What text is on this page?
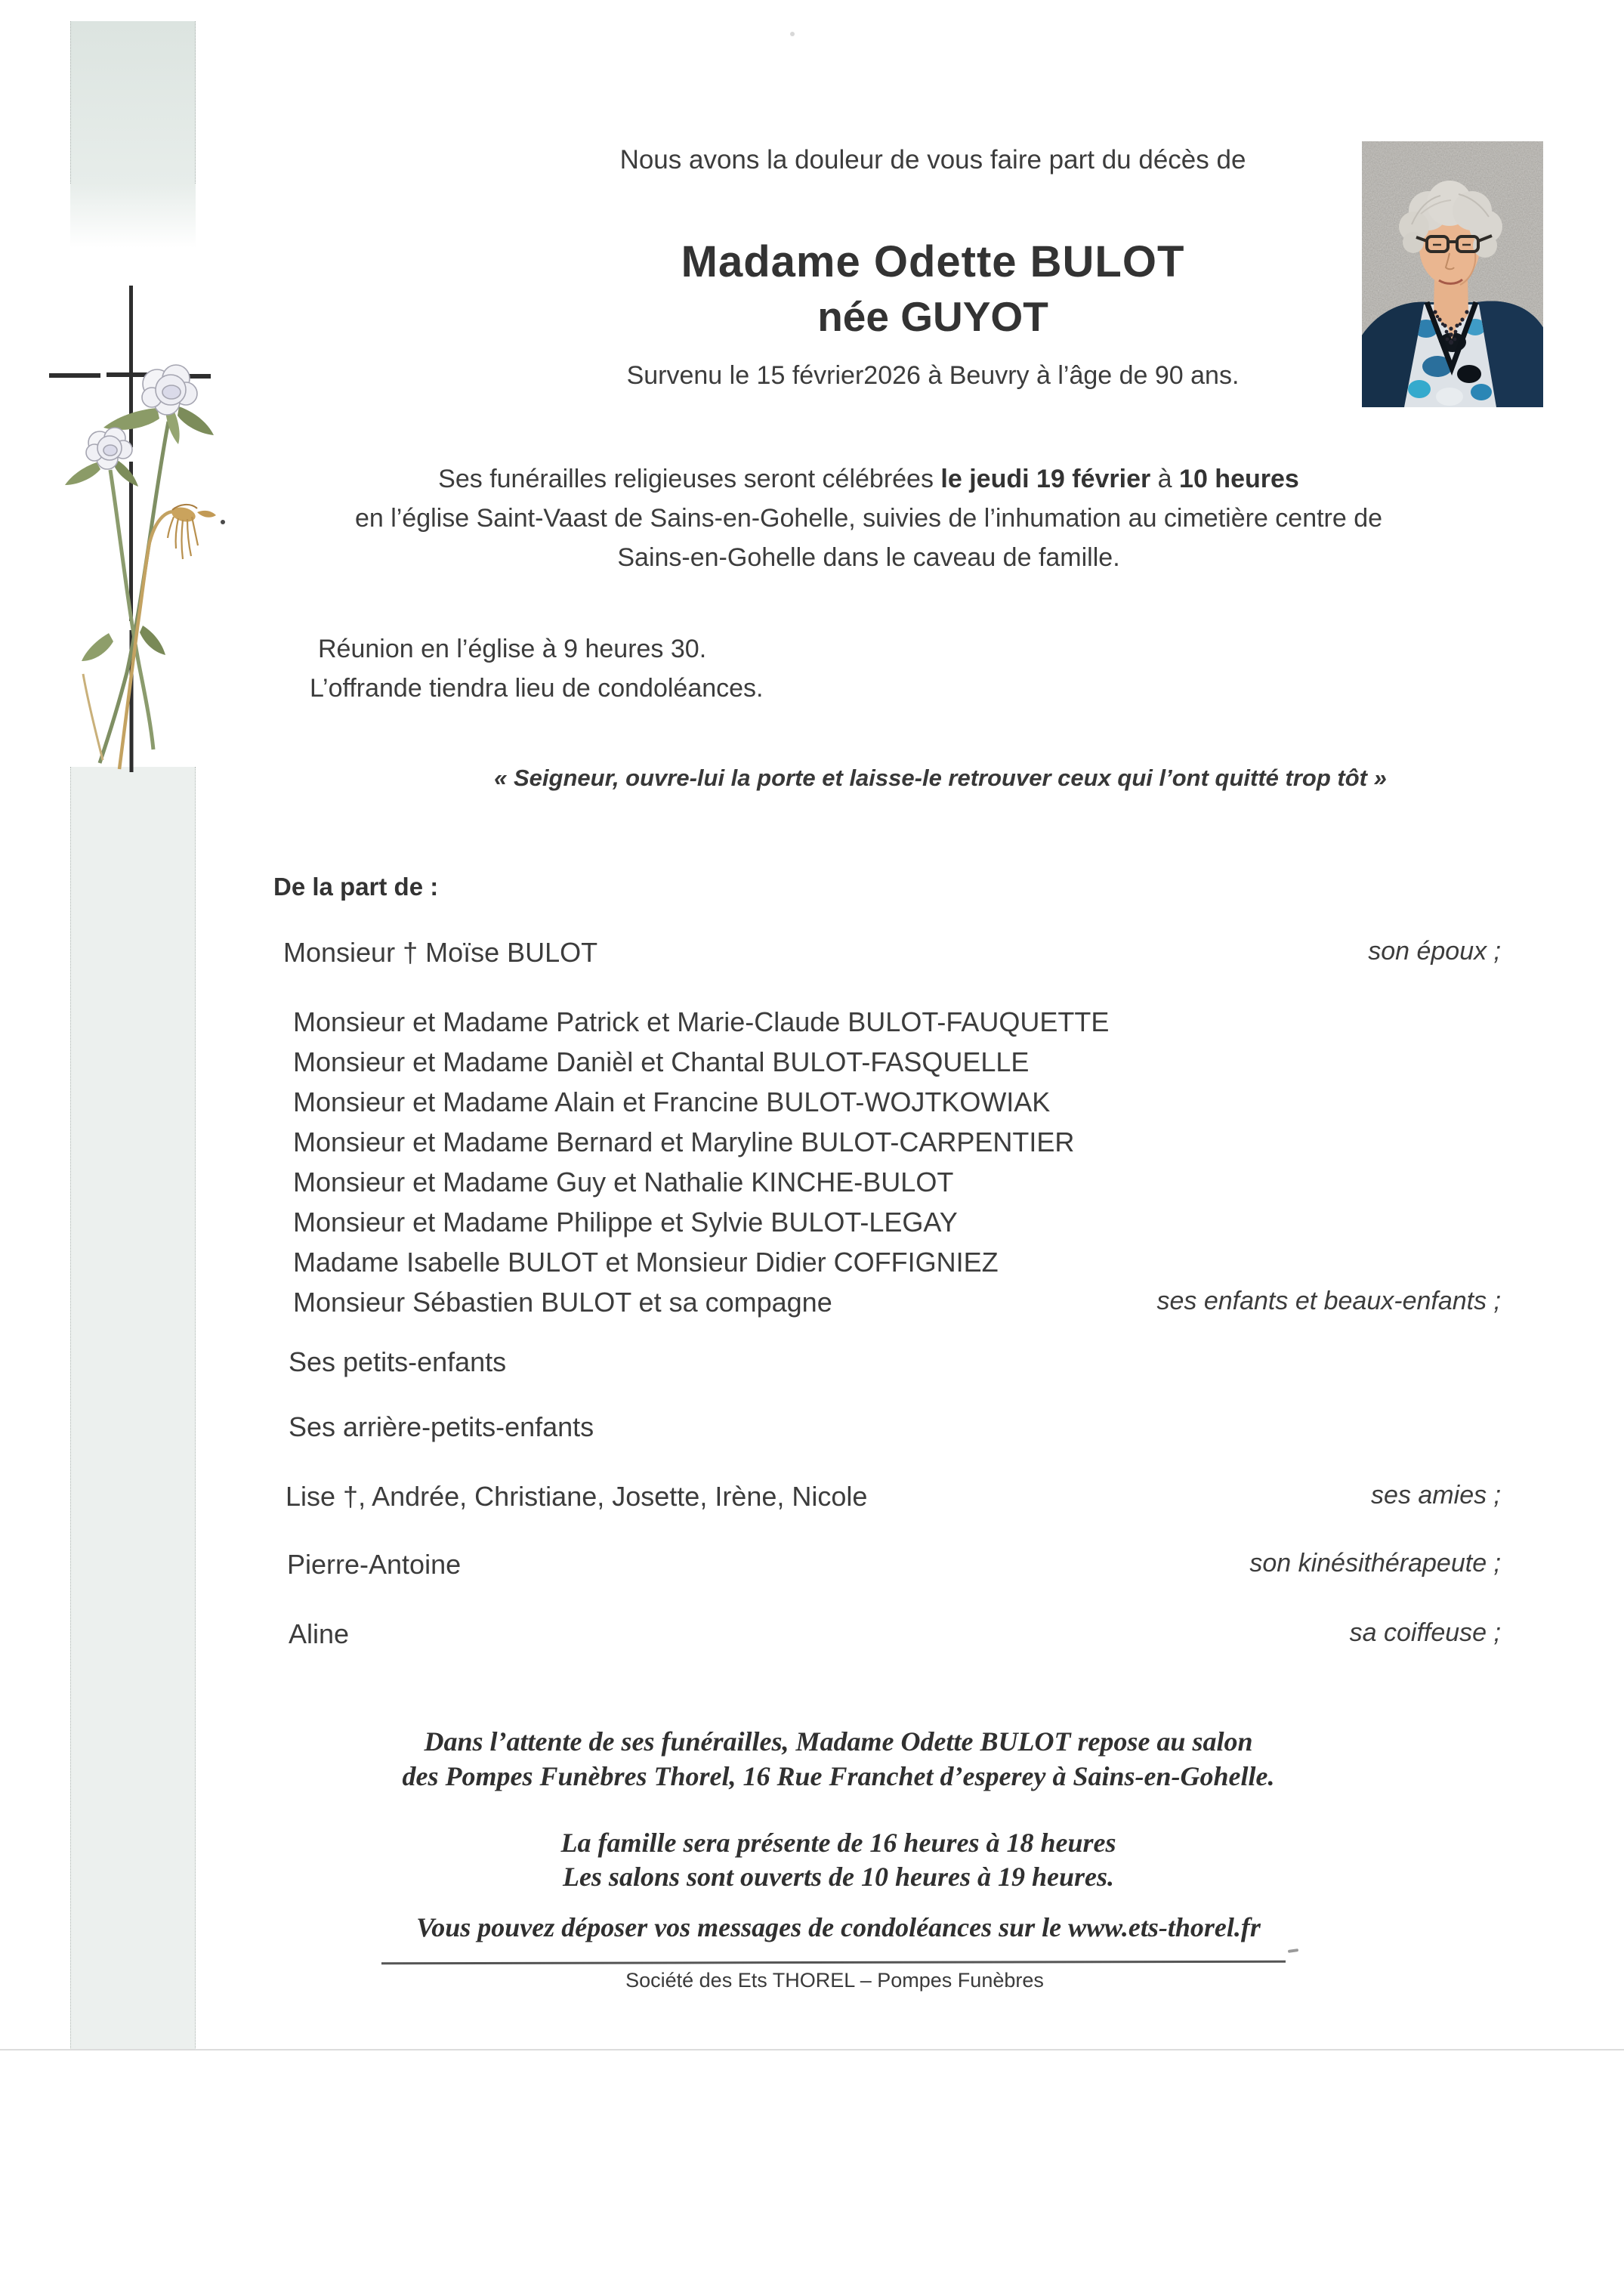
Nous avons la douleur de vous faire part du décès de
Madame Odette BULOT
née GUYOT
Survenu le 15 février2026 à Beuvry à l’âge de 90 ans.
Ses funérailles religieuses seront célébrées le jeudi 19 février à 10 heures
en l’église Saint-Vaast de Sains-en-Gohelle, suivies de l’inhumation au cimetière centre de
Sains-en-Gohelle dans le caveau de famille.
Réunion en l’église à 9 heures 30.
L’offrande tiendra lieu de condoléances.
« Seigneur, ouvre-lui la porte et laisse-le retrouver ceux qui l’ont quitté trop tôt »
De la part de :
Monsieur † Moïse BULOT	son époux ;
Monsieur et Madame Patrick et Marie-Claude BULOT-FAUQUETTE
Monsieur et Madame Danièl et Chantal BULOT-FASQUELLE
Monsieur et Madame Alain et Francine BULOT-WOJTKOWIAK
Monsieur et Madame Bernard et Maryline BULOT-CARPENTIER
Monsieur et Madame Guy et Nathalie KINCHE-BULOT
Monsieur et Madame Philippe et Sylvie BULOT-LEGAY
Madame Isabelle BULOT et Monsieur Didier COFFIGNIEZ
Monsieur Sébastien BULOT et sa compagne	ses enfants et beaux-enfants ;
Ses petits-enfants
Ses arrière-petits-enfants
Lise †, Andrée, Christiane, Josette, Irène, Nicole	ses amies ;
Pierre-Antoine	son kinésithérapeute ;
Aline	sa coiffeuse ;
Dans l’attente de ses funérailles, Madame Odette BULOT repose au salon
des Pompes Funèbres Thorel, 16 Rue Franchet d’esperey à Sains-en-Gohelle.
La famille sera présente de 16 heures à 18 heures
Les salons sont ouverts de 10 heures à 19 heures.
Vous pouvez déposer vos messages de condoléances sur le www.ets-thorel.fr
Société des Ets THOREL – Pompes Funèbres
